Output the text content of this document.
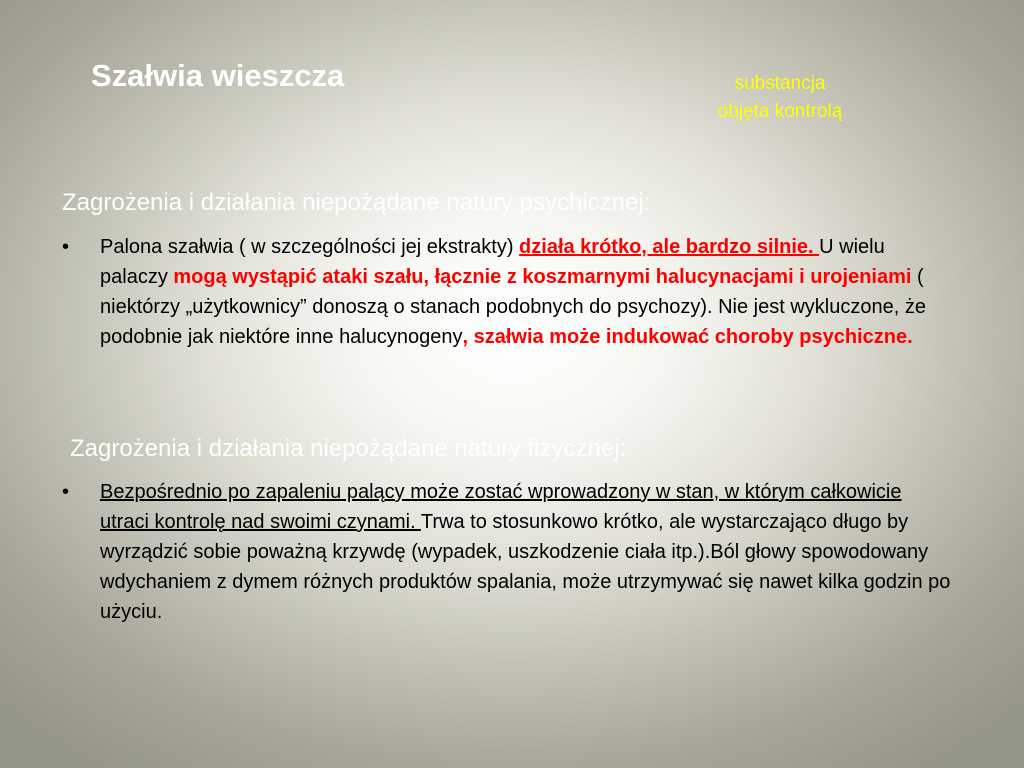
Szałwia wieszcza	substancja
objęta kontrolą
Zagrożenia i działania niepożądane natury psychicznej:
• Palona szałwia ( w szczególności jej ekstrakty) działa krótko, ale bardzo silnie. U wielu palaczy mogą wystąpić ataki szału, łącznie z koszmarnymi halucynacjami i urojeniami ( niektórzy „użytkownicy” donoszą o stanach podobnych do psychozy). Nie jest wykluczone, że podobnie jak niektóre inne halucynogeny, szałwia może indukować choroby psychiczne.

Zagrożenia i działania niepożądane natury fizycznej:
• Bezpośrednio po zapaleniu palący może zostać wprowadzony w stan, w którym całkowicie utraci kontrolę nad swoimi czynami. Trwa to stosunkowo krótko, ale wystarczająco długo by wyrządzić sobie poważną krzywdę (wypadek, uszkodzenie ciała itp.).Ból głowy spowodowany wdychaniem z dymem różnych produktów spalania, może utrzymywać się nawet kilka godzin po użyciu.
